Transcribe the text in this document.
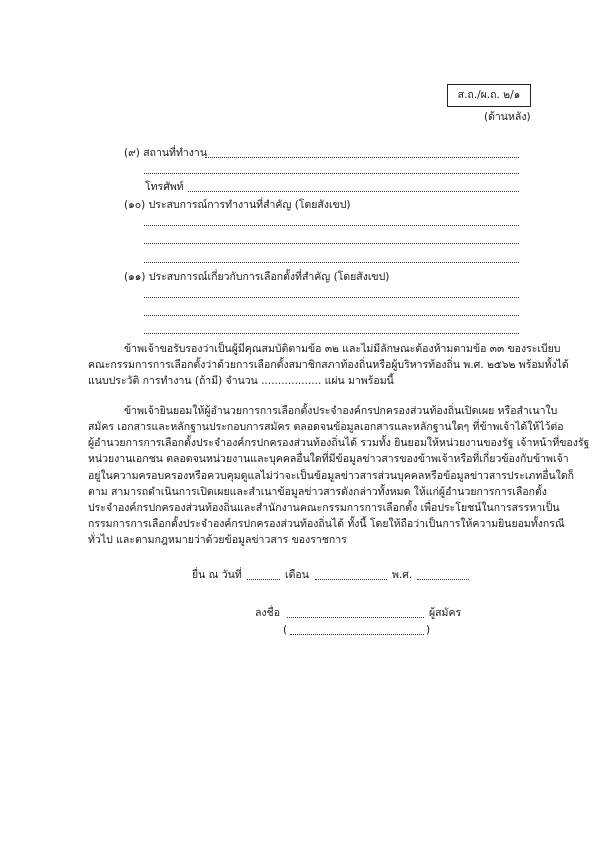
ส.ถ./ผ.ถ. ๒/๑
(ด้านหลัง)
(๙) สถานที่ทำงาน
โทรศัพท์
(๑๐) ประสบการณ์การทำงานที่สำคัญ (โดยสังเขป)
(๑๑) ประสบการณ์เกี่ยวกับการเลือกตั้งที่สำคัญ (โดยสังเขป)
ข้าพเจ้าขอรับรองว่าเป็นผู้มีคุณสมบัติตามข้อ ๓๒ และไม่มีลักษณะต้องห้ามตามข้อ ๓๓ ของระเบียบ
คณะกรรมการการเลือกตั้งว่าด้วยการเลือกตั้งสมาชิกสภาท้องถิ่นหรือผู้บริหารท้องถิ่น พ.ศ. ๒๕๖๒ พร้อมทั้งได้
แนบประวัติ การทำงาน (ถ้ามี) จำนวน .................. แผ่น มาพร้อมนี้
ข้าพเจ้ายินยอมให้ผู้อำนวยการการเลือกตั้งประจำองค์กรปกครองส่วนท้องถิ่นเปิดเผย หรือสำเนาใบ
สมัคร เอกสารและหลักฐานประกอบการสมัคร ตลอดจนข้อมูลเอกสารและหลักฐานใดๆ ที่ข้าพเจ้าได้ให้ไว้ต่อ
ผู้อำนวยการการเลือกตั้งประจำองค์กรปกครองส่วนท้องถิ่นได้ รวมทั้ง ยินยอมให้หน่วยงานของรัฐ เจ้าหน้าที่ของรัฐ
หน่วยงานเอกชน ตลอดจนหน่วยงานและบุคคลอื่นใดที่มีข้อมูลข่าวสารของข้าพเจ้าหรือที่เกี่ยวข้องกับข้าพเจ้า
อยู่ในความครอบครองหรือควบคุมดูแลไม่ว่าจะเป็นข้อมูลข่าวสารส่วนบุคคลหรือข้อมูลข่าวสารประเภทอื่นใดก็
ตาม สามารถดำเนินการเปิดเผยและสำเนาข้อมูลข่าวสารดังกล่าวทั้งหมด ให้แก่ผู้อำนวยการการเลือกตั้ง
ประจำองค์กรปกครองส่วนท้องถิ่นและสำนักงานคณะกรรมการการเลือกตั้ง เพื่อประโยชน์ในการสรรหาเป็น
กรรมการการเลือกตั้งประจำองค์กรปกครองส่วนท้องถิ่นได้ ทั้งนี้ โดยให้ถือว่าเป็นการให้ความยินยอมทั้งกรณี
ทั่วไป และตามกฎหมายว่าด้วยข้อมูลข่าวสาร ของราชการ
ยื่น ณ วันที่	เดือน	พ.ศ.
ลงชื่อ	ผู้สมัคร
(	)
